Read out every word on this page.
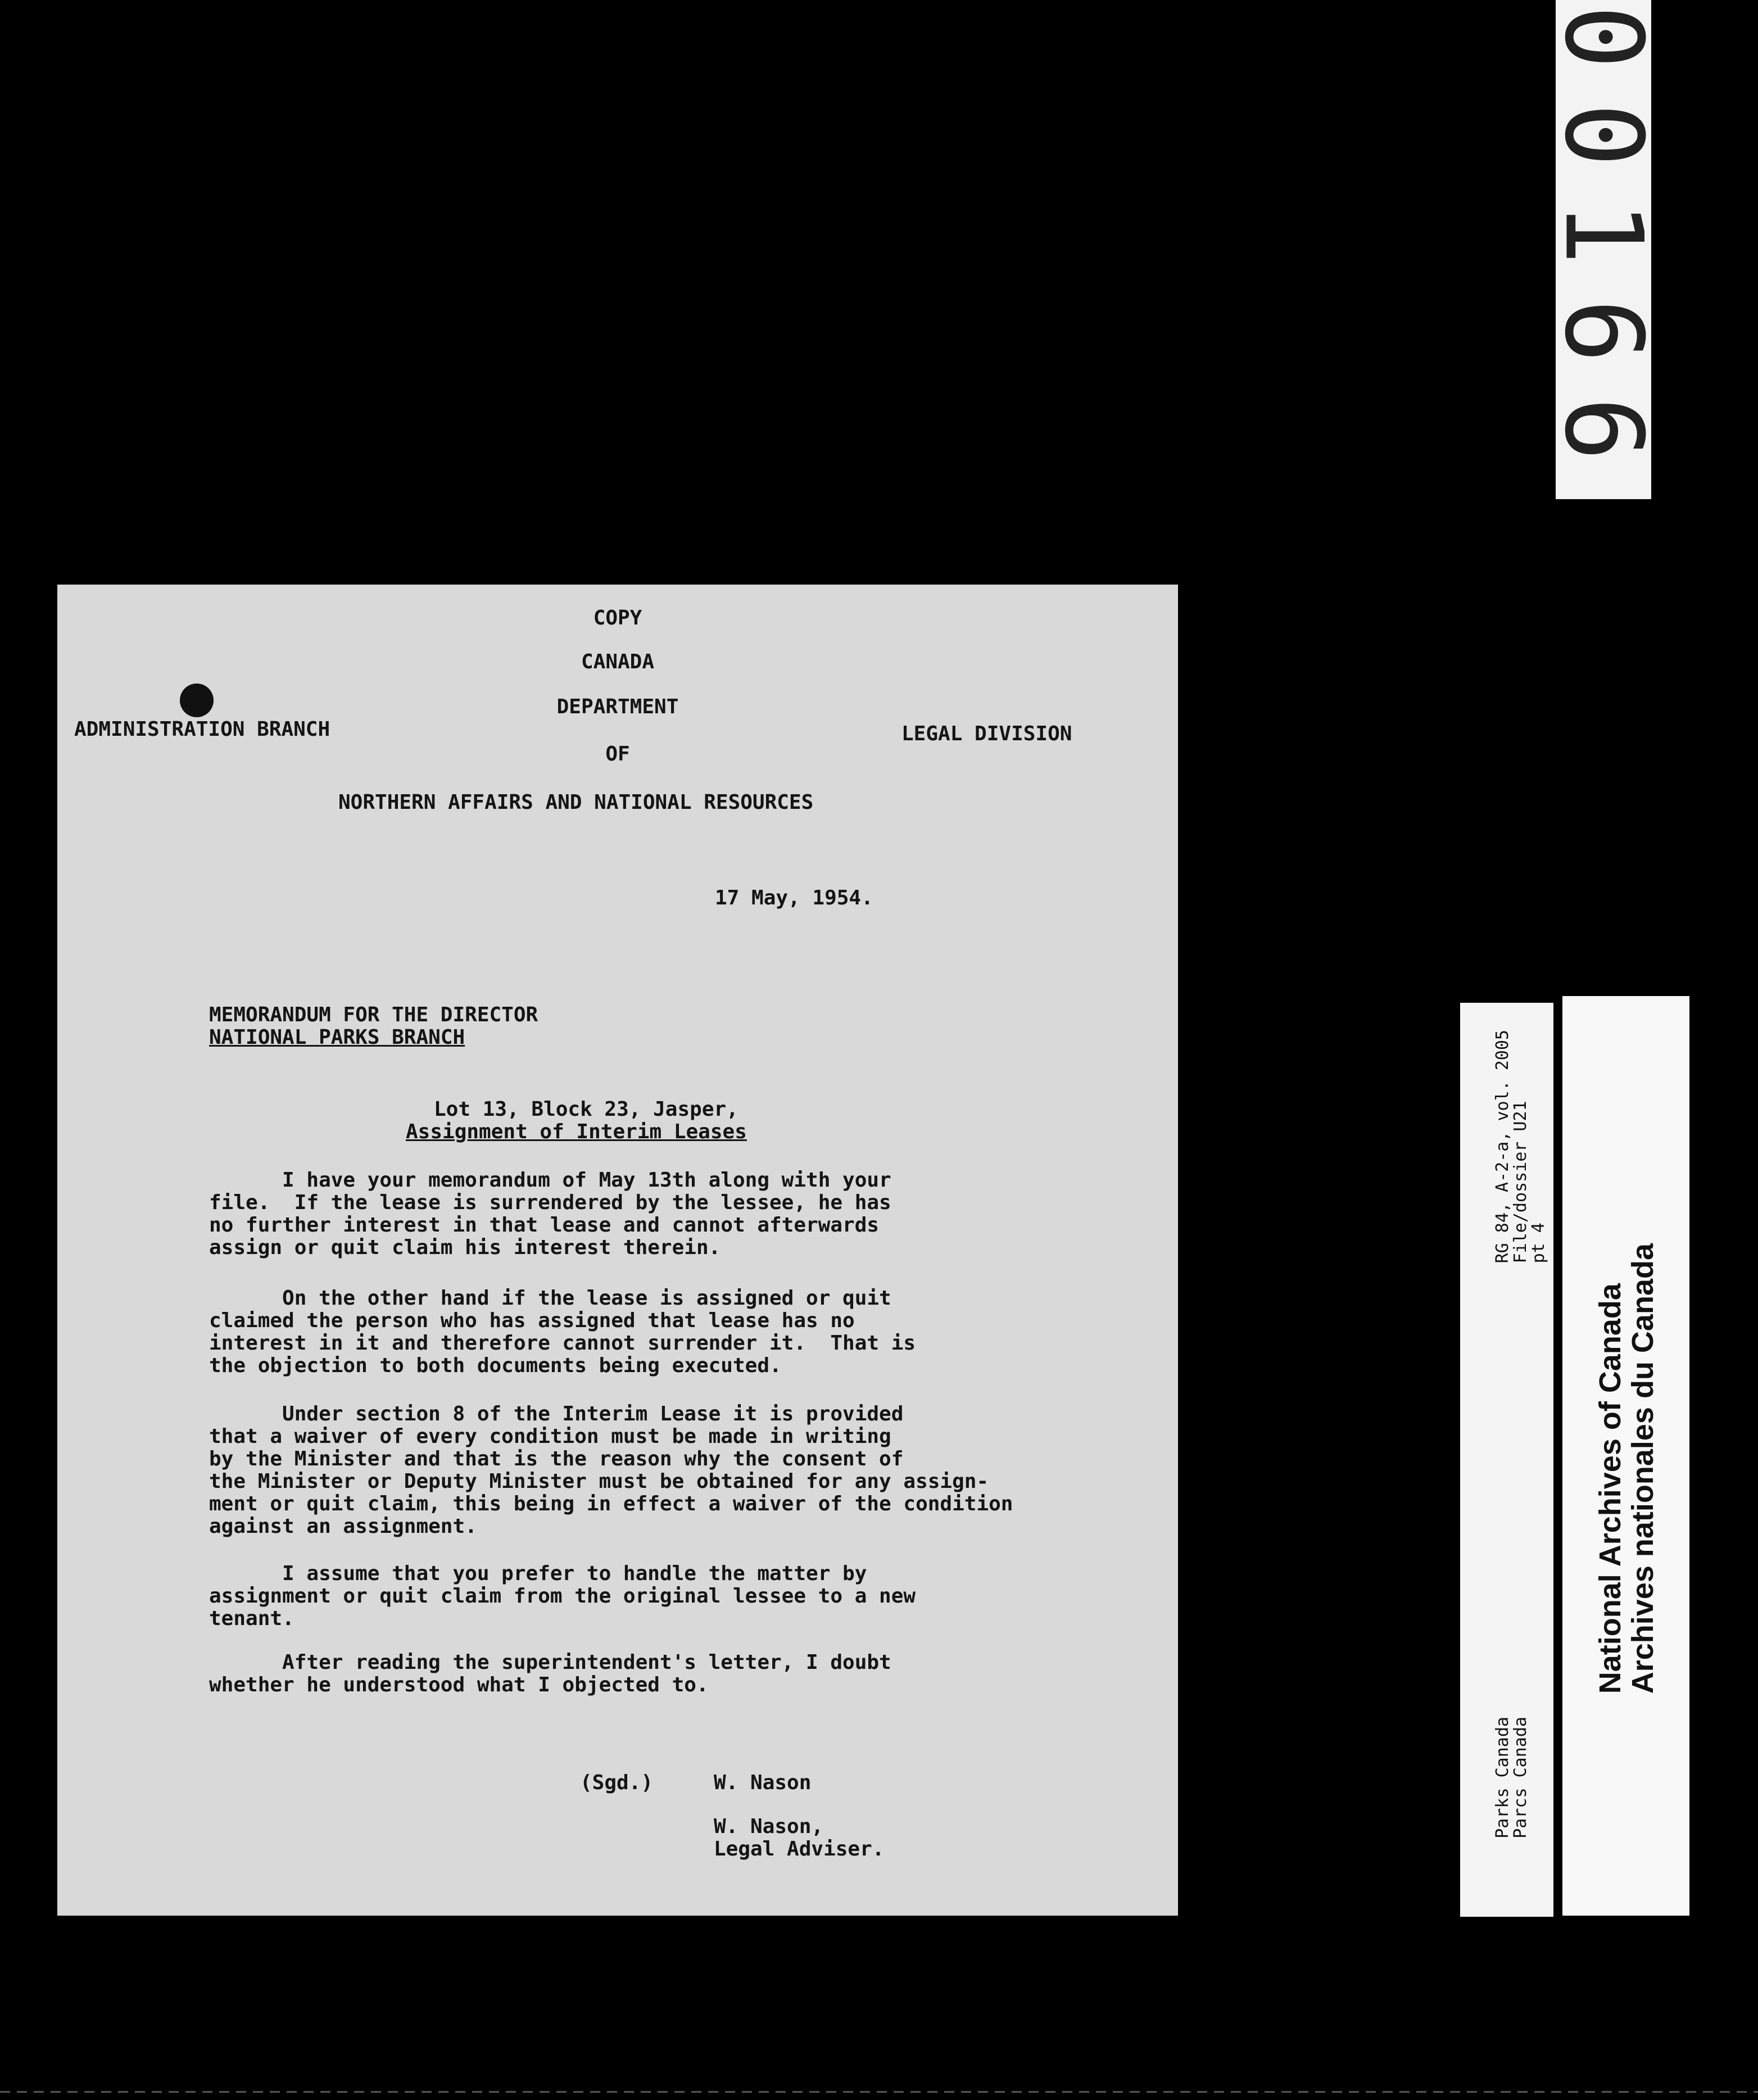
00166
COPY
CANADA
DEPARTMENT
ADMINISTRATION BRANCH	LEGAL DIVISION
OF
NORTHERN AFFAIRS AND NATIONAL RESOURCES
17 May, 1954.
MEMORANDUM FOR THE DIRECTOR
NATIONAL PARKS BRANCH
Lot 13, Block 23, Jasper,
Assignment of Interim Leases
I have your memorandum of May 13th along with your
file.  If the lease is surrendered by the lessee, he has
no further interest in that lease and cannot afterwards
assign or quit claim his interest therein.
On the other hand if the lease is assigned or quit
claimed the person who has assigned that lease has no
interest in it and therefore cannot surrender it.  That is
the objection to both documents being executed.
Under section 8 of the Interim Lease it is provided
that a waiver of every condition must be made in writing
by the Minister and that is the reason why the consent of
the Minister or Deputy Minister must be obtained for any assign-
ment or quit claim, this being in effect a waiver of the condition
against an assignment.
I assume that you prefer to handle the matter by
assignment or quit claim from the original lessee to a new
tenant.
After reading the superintendent's letter, I doubt
whether he understood what I objected to.
(Sgd.)	W. Nason
W. Nason,
Legal Adviser.
RG 84, A-2-a, vol. 2005
File/dossier U21
pt 4
Parks Canada
Parcs Canada
National Archives of Canada
Archives nationales du Canada
